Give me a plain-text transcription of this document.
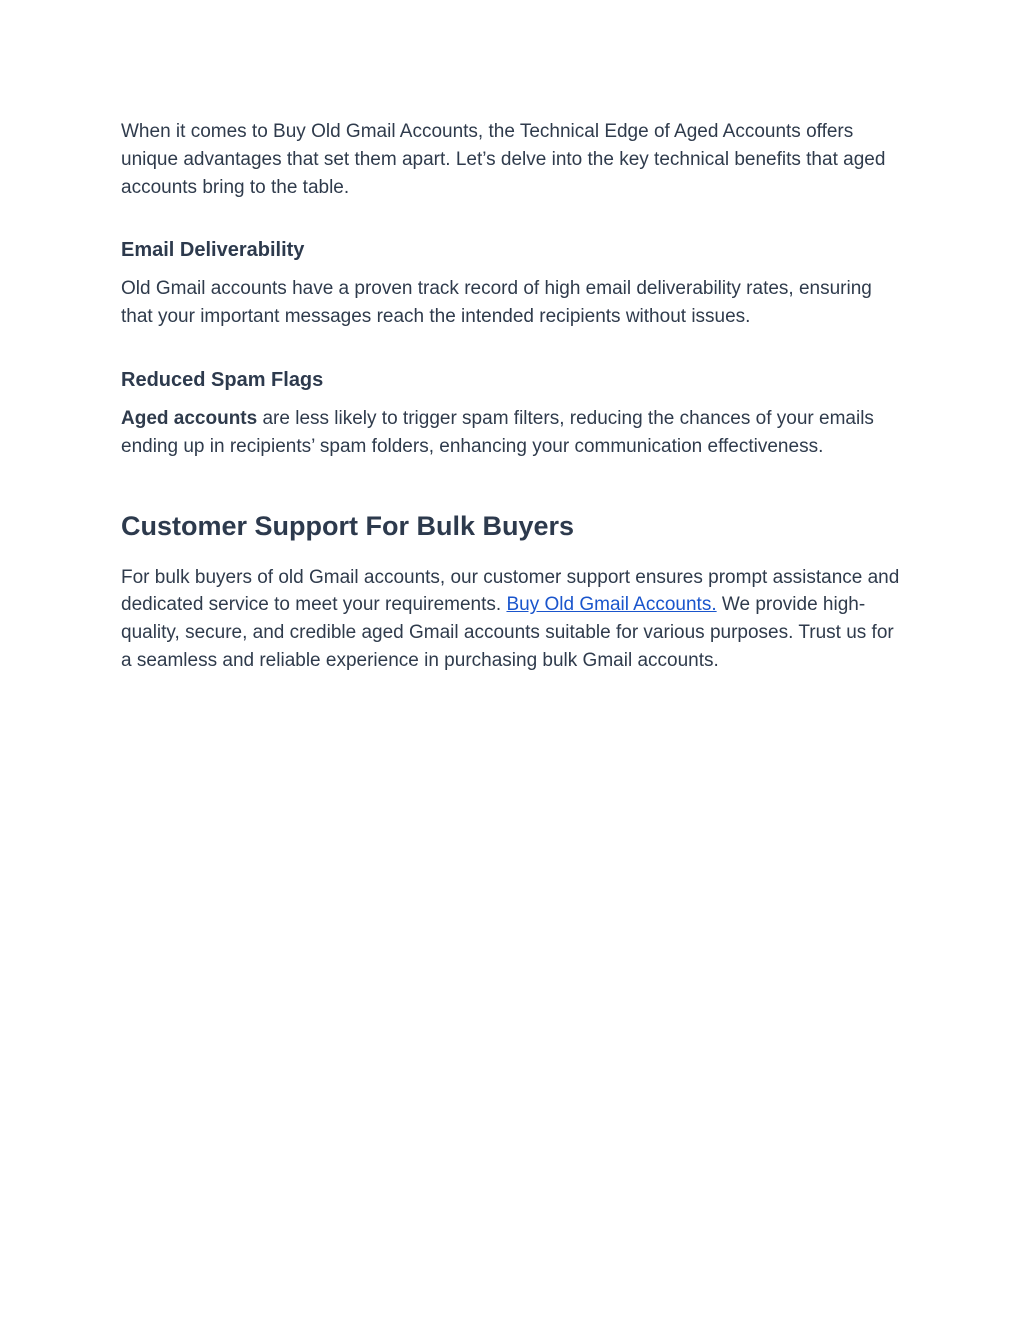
When it comes to Buy Old Gmail Accounts, the Technical Edge of Aged Accounts offers unique advantages that set them apart. Let’s delve into the key technical benefits that aged accounts bring to the table.

Email Deliverability

Old Gmail accounts have a proven track record of high email deliverability rates, ensuring that your important messages reach the intended recipients without issues.

Reduced Spam Flags

Aged accounts are less likely to trigger spam filters, reducing the chances of your emails ending up in recipients’ spam folders, enhancing your communication effectiveness.

Customer Support For Bulk Buyers

For bulk buyers of old Gmail accounts, our customer support ensures prompt assistance and dedicated service to meet your requirements. Buy Old Gmail Accounts. We provide high-quality, secure, and credible aged Gmail accounts suitable for various purposes. Trust us for a seamless and reliable experience in purchasing bulk Gmail accounts.
